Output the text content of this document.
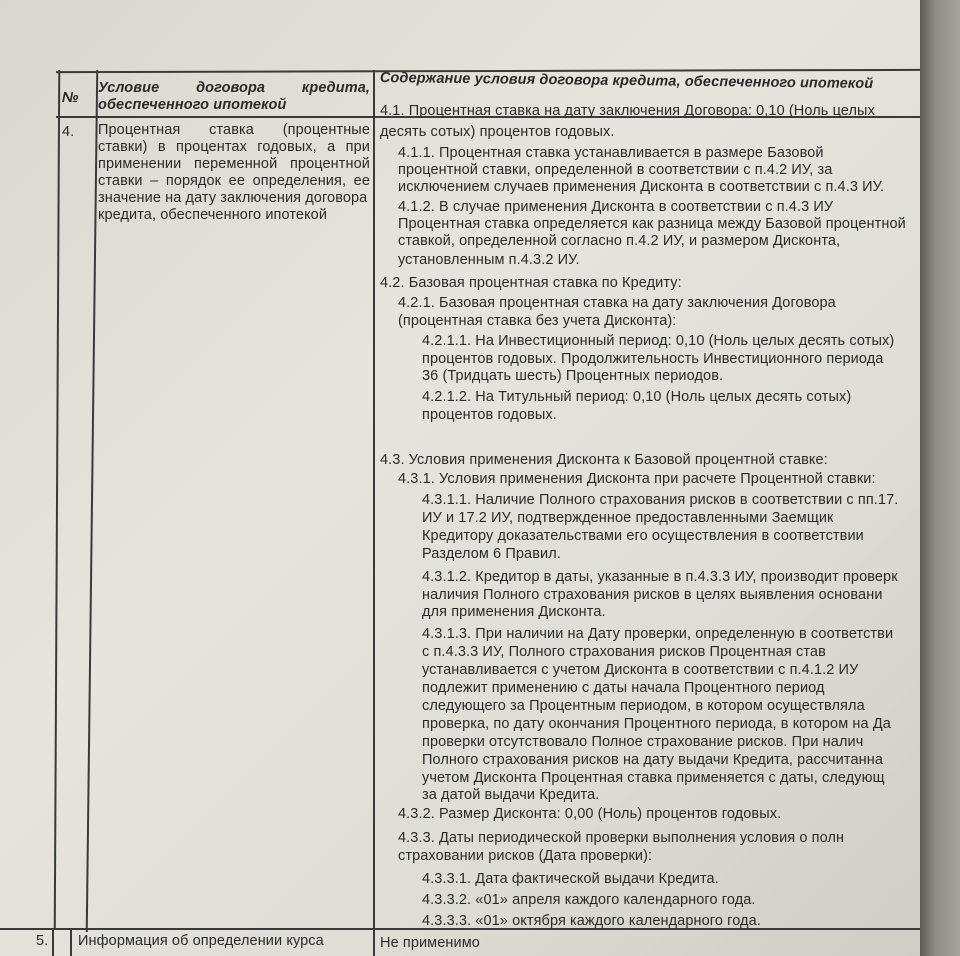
№
Условие договора кредита,
обеспеченного ипотекой
Содержание условия договора кредита, обеспеченного ипотекой
4. Процентная ставка (процентные
ставки) в процентах годовых, а при
применении переменной процентной
ставки – порядок ее определения, ее
значение на дату заключения договора
кредита, обеспеченного ипотекой
4.1. Процентная ставка на дату заключения Договора: 0,10 (Ноль целых
десять сотых) процентов годовых.
4.1.1. Процентная ставка устанавливается в размере Базовой
процентной ставки, определенной в соответствии с п.4.2 ИУ, за
исключением случаев применения Дисконта в соответствии с п.4.3 ИУ.
4.1.2. В случае применения Дисконта в соответствии с п.4.3 ИУ
Процентная ставка определяется как разница между Базовой процентной
ставкой, определенной согласно п.4.2 ИУ, и размером Дисконта,
установленным п.4.3.2 ИУ.
4.2. Базовая процентная ставка по Кредиту:
4.2.1. Базовая процентная ставка на дату заключения Договора
(процентная ставка без учета Дисконта):
4.2.1.1. На Инвестиционный период: 0,10 (Ноль целых десять сотых)
процентов годовых. Продолжительность Инвестиционного периода
36 (Тридцать шесть) Процентных периодов.
4.2.1.2. На Титульный период: 0,10 (Ноль целых десять сотых)
процентов годовых.
4.3. Условия применения Дисконта к Базовой процентной ставке:
4.3.1. Условия применения Дисконта при расчете Процентной ставки:
4.3.1.1. Наличие Полного страхования рисков в соответствии с пп.17.
ИУ и 17.2 ИУ, подтвержденное предоставленными Заемщик
Кредитору доказательствами его осуществления в соответствии
Разделом 6 Правил.
4.3.1.2. Кредитор в даты, указанные в п.4.3.3 ИУ, производит проверк
наличия Полного страхования рисков в целях выявления основани
для применения Дисконта.
4.3.1.3. При наличии на Дату проверки, определенную в соответстви
с п.4.3.3 ИУ, Полного страхования рисков Процентная став
устанавливается с учетом Дисконта в соответствии с п.4.1.2 ИУ
подлежит применению с даты начала Процентного период
следующего за Процентным периодом, в котором осуществляла
проверка, по дату окончания Процентного периода, в котором на Да
проверки отсутствовало Полное страхование рисков. При налич
Полного страхования рисков на дату выдачи Кредита, рассчитанна
учетом Дисконта Процентная ставка применяется с даты, следующ
за датой выдачи Кредита.
4.3.2. Размер Дисконта: 0,00 (Ноль) процентов годовых.
4.3.3. Даты периодической проверки выполнения условия о полн
страховании рисков (Дата проверки):
4.3.3.1. Дата фактической выдачи Кредита.
4.3.3.2. «01» апреля каждого календарного года.
4.3.3.3. «01» октября каждого календарного года.
5. Информация об определении курса	Не применимо
